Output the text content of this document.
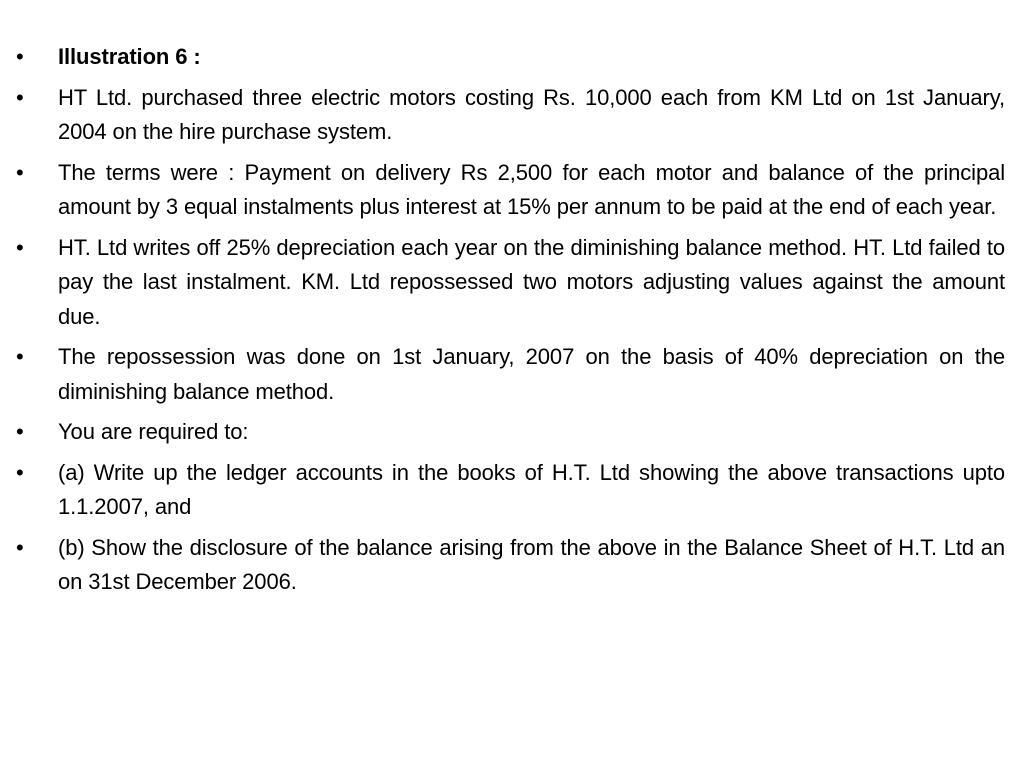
•	Illustration 6 :
•	HT Ltd. purchased three electric motors costing Rs. 10,000 each from KM Ltd on 1st January, 2004 on the hire purchase system.
•	The terms were : Payment on delivery Rs 2,500 for each motor and balance of the principal amount by 3 equal instalments plus interest at 15% per annum to be paid at the end of each year.
•	HT. Ltd writes off 25% depreciation each year on the diminishing balance method. HT. Ltd failed to pay the last instalment. KM. Ltd repossessed two motors adjusting values against the amount due.
•	The repossession was done on 1st January, 2007 on the basis of 40% depreciation on the diminishing balance method.
•	You are required to:
•	(a) Write up the ledger accounts in the books of H.T. Ltd showing the above transactions upto 1.1.2007, and
•	(b) Show the disclosure of the balance arising from the above in the Balance Sheet of H.T. Ltd an on 31st December 2006.
